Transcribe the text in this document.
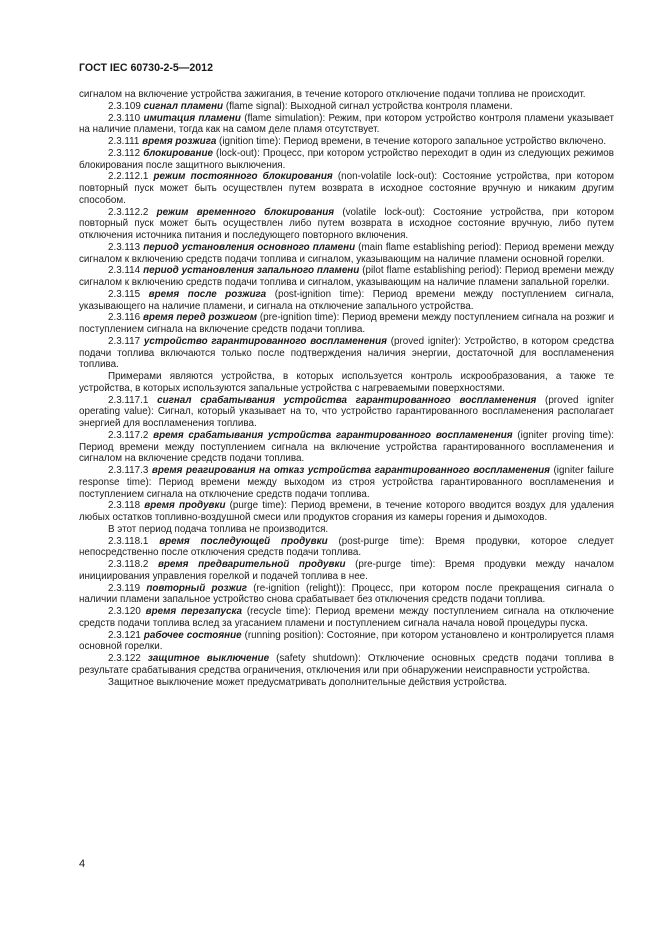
ГОСТ IEC 60730-2-5—2012

сигналом на включение устройства зажигания, в течение которого отключение подачи топлива не происходит.

2.3.109 сигнал пламени (flame signal): Выходной сигнал устройства контроля пламени.

2.3.110 имитация пламени (flame simulation): Режим, при котором устройство контроля пламени указывает на наличие пламени, тогда как на самом деле пламя отсутствует.

2.3.111 время розжига (ignition time): Период времени, в течение которого запальное устройство включено.

2.3.112 блокирование (lock-out): Процесс, при котором устройство переходит в один из следующих режимов блокирования после защитного выключения.

2.2.112.1 режим постоянного блокирования (non-volatile lock-out): Состояние устройства, при котором повторный пуск может быть осуществлен путем возврата в исходное состояние вручную и никаким другим способом.

2.3.112.2 режим временного блокирования (volatile lock-out): Состояние устройства, при котором повторный пуск может быть осуществлен либо путем возврата в исходное состояние вручную, либо путем отключения источника питания и последующего повторного включения.

2.3.113 период установления основного пламени (main flame establishing period): Период времени между сигналом к включению средств подачи топлива и сигналом, указывающим на наличие пламени основной горелки.

2.3.114 период установления запального пламени (pilot flame establishing period): Период времени между сигналом к включению средств подачи топлива и сигналом, указывающим на наличие пламени запальной горелки.

2.3.115 время после розжига (post-ignition time): Период времени между поступлением сигнала, указывающего на наличие пламени, и сигнала на отключение запального устройства.

2.3.116 время перед розжигом (pre-ignition time): Период времени между поступлением сигнала на розжиг и поступлением сигнала на включение средств подачи топлива.

2.3.117 устройство гарантированного воспламенения (proved igniter): Устройство, в котором средства подачи топлива включаются только после подтверждения наличия энергии, достаточной для воспламенения топлива.

Примерами являются устройства, в которых используется контроль искрообразования, а также те устройства, в которых используются запальные устройства с нагреваемыми поверхностями.

2.3.117.1 сигнал срабатывания устройства гарантированного воспламенения (proved igniter operating value): Сигнал, который указывает на то, что устройство гарантированного воспламенения располагает энергией для воспламенения топлива.

2.3.117.2 время срабатывания устройства гарантированного воспламенения (igniter proving time): Период времени между поступлением сигнала на включение устройства гарантированного воспламенения и сигналом на включение средств подачи топлива.

2.3.117.3 время реагирования на отказ устройства гарантированного воспламенения (igniter failure response time): Период времени между выходом из строя устройства гарантированного воспламенения и поступлением сигнала на отключение средств подачи топлива.

2.3.118 время продувки (purge time): Период времени, в течение которого вводится воздух для удаления любых остатков топливно-воздушной смеси или продуктов сгорания из камеры горения и дымоходов.

В этот период подача топлива не производится.

2.3.118.1 время последующей продувки (post-purge time): Время продувки, которое следует непосредственно после отключения средств подачи топлива.

2.3.118.2 время предварительной продувки (pre-purge time): Время продувки между началом инициирования управления горелкой и подачей топлива в нее.

2.3.119 повторный розжиг (re-ignition (relight)): Процесс, при котором после прекращения сигнала о наличии пламени запальное устройство снова срабатывает без отключения средств подачи топлива.

2.3.120 время перезапуска (recycle time): Период времени между поступлением сигнала на отключение средств подачи топлива вслед за угасанием пламени и поступлением сигнала начала новой процедуры пуска.

2.3.121 рабочее состояние (running position): Состояние, при котором установлено и контролируется пламя основной горелки.

2.3.122 защитное выключение (safety shutdown): Отключение основных средств подачи топлива в результате срабатывания средства ограничения, отключения или при обнаружении неисправности устройства.

Защитное выключение может предусматривать дополнительные действия устройства.

4
